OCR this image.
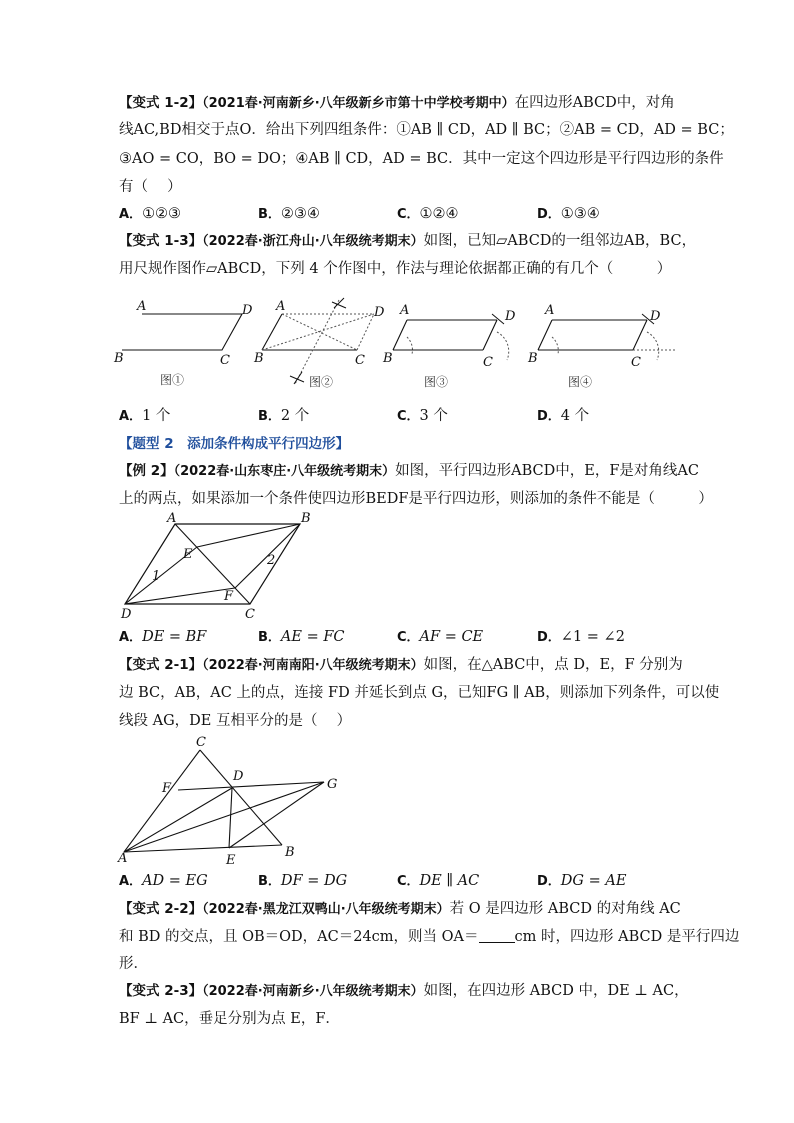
【变式 1-2】（2021春·河南新乡·八年级新乡市第十中学校考期中）在四边形ABCD中，对角
线AC,BD相交于点O．给出下列四组条件：①AB ∥ CD，AD ∥ BC；②AB = CD，AD = BC；
③AO = CO，BO = DO；④AB ∥ CD，AD = BC．其中一定这个四边形是平行四边形的条件
有（　 ）
A．①②③	B．②③④	C．①②④	D．①③④
【变式 1-3】（2022春·浙江舟山·八年级统考期末）如图，已知▱ABCD的一组邻边AB，BC，
用尺规作图作▱ABCD，下列 4 个作图中，作法与理论依据都正确的有几个（　　　）
A	D
B	C
图①
A	D
B	C
图②
A	D
B	C
图③
A	D
B	C
图④
A．1 个	B．2 个	C．3 个	D．4 个
【题型 2　添加条件构成平行四边形】
【例 2】（2022春·山东枣庄·八年级统考期末）如图，平行四边形ABCD中，E，F是对角线AC
上的两点，如果添加一个条件使四边形BEDF是平行四边形，则添加的条件不能是（　　　）
A	B
C
D
E
F
1
2
A．DE = BF	B．AE = FC	C．AF = CE	D．∠1 = ∠2
【变式 2-1】（2022春·河南南阳·八年级统考期末）如图，在△ABC中，点 D，E，F 分别为
边 BC，AB，AC 上的点，连接 FD 并延长到点 G，已知FG ∥ AB，则添加下列条件，可以使
线段 AG，DE 互相平分的是（　 ）
C
D
G
F
A	E
B
A．AD = EG	B．DF = DG	C．DE ∥ AC	D．DG = AE
【变式 2-2】（2022春·黑龙江双鸭山·八年级统考期末）若 O 是四边形 ABCD 的对角线 AC
和 BD 的交点，且 OB＝OD，AC＝24cm，则当 OA＝ cm 时，四边形 ABCD 是平行四边
形．
【变式 2-3】（2022春·河南新乡·八年级统考期末）如图，在四边形 ABCD 中，DE ⊥ AC，
BF ⊥ AC，垂足分别为点 E，F．
